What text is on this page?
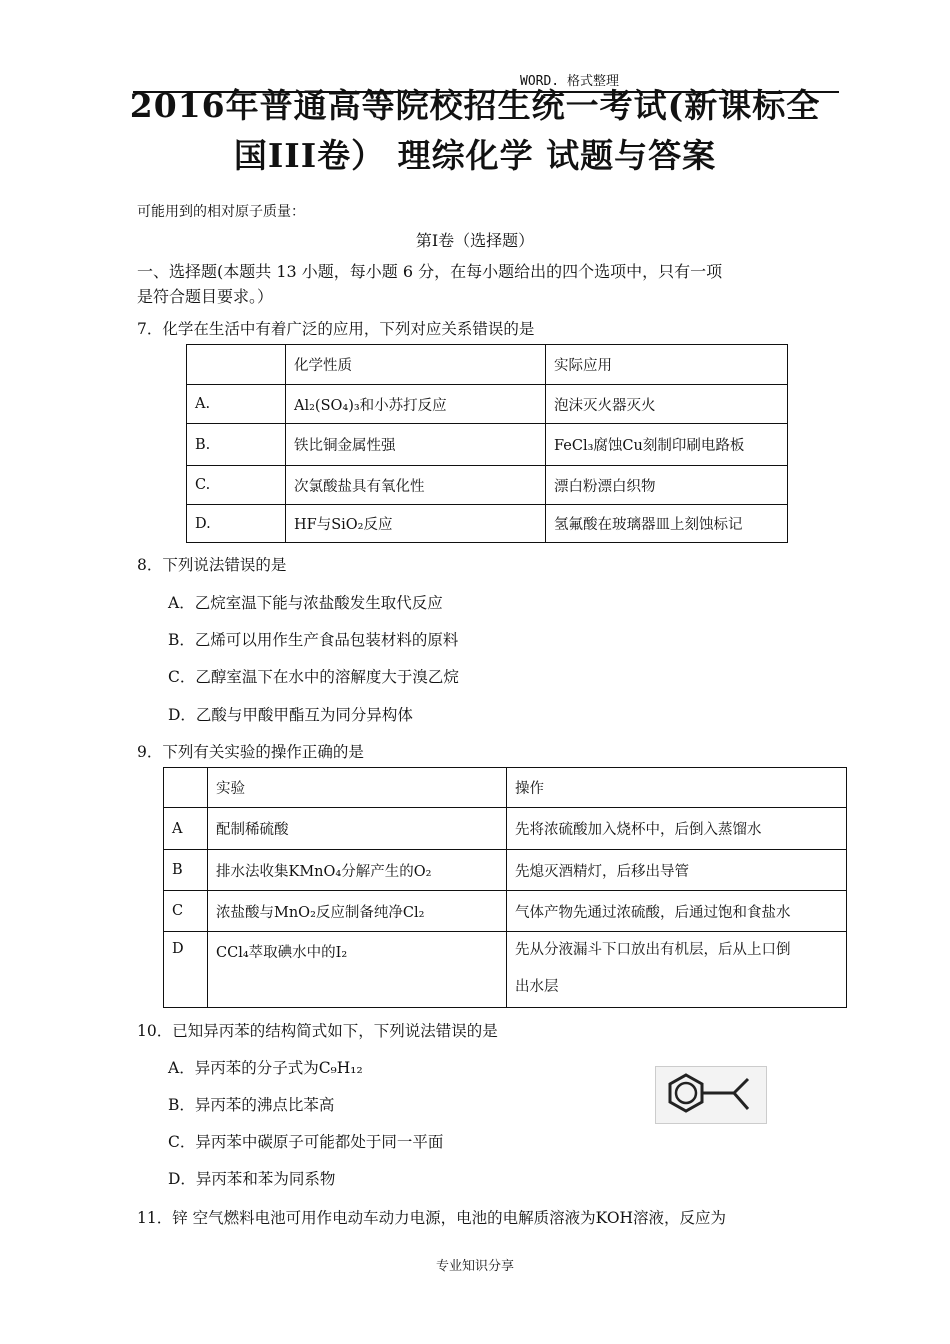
WORD. 格式整理
2016年普通高等院校招生统一考试(新课标全
国III卷） 理综化学 试题与答案
可能用到的相对原子质量：
第Ⅰ卷（选择题）
一、选择题(本题共 13 小题，每小题 6 分，在每小题给出的四个选项中，只有一项
是符合题目要求。）
7．化学在生活中有着广泛的应用，下列对应关系错误的是
	化学性质	实际应用
A.	Al₂(SO₄)₃和小苏打反应	泡沫灭火器灭火
B.	铁比铜金属性强	FeCl₃腐蚀Cu刻制印刷电路板
C.	次氯酸盐具有氧化性	漂白粉漂白织物
D.	HF与SiO₂反应	氢氟酸在玻璃器皿上刻蚀标记
8．下列说法错误的是
A．乙烷室温下能与浓盐酸发生取代反应
B．乙烯可以用作生产食品包装材料的原料
C．乙醇室温下在水中的溶解度大于溴乙烷
D．乙酸与甲酸甲酯互为同分异构体
9．下列有关实验的操作正确的是
	实验	操作
A	配制稀硫酸	先将浓硫酸加入烧杯中，后倒入蒸馏水
B	排水法收集KMnO₄分解产生的O₂	先熄灭酒精灯，后移出导管
C	浓盐酸与MnO₂反应制备纯净Cl₂	气体产物先通过浓硫酸，后通过饱和食盐水
D	CCl₄萃取碘水中的I₂	先从分液漏斗下口放出有机层，后从上口倒
出水层
10．已知异丙苯的结构简式如下，下列说法错误的是
A．异丙苯的分子式为C₉H₁₂
B．异丙苯的沸点比苯高
C．异丙苯中碳原子可能都处于同一平面
D．异丙苯和苯为同系物
11．锌 空气燃料电池可用作电动车动力电源，电池的电解质溶液为KOH溶液，反应为
专业知识分享
